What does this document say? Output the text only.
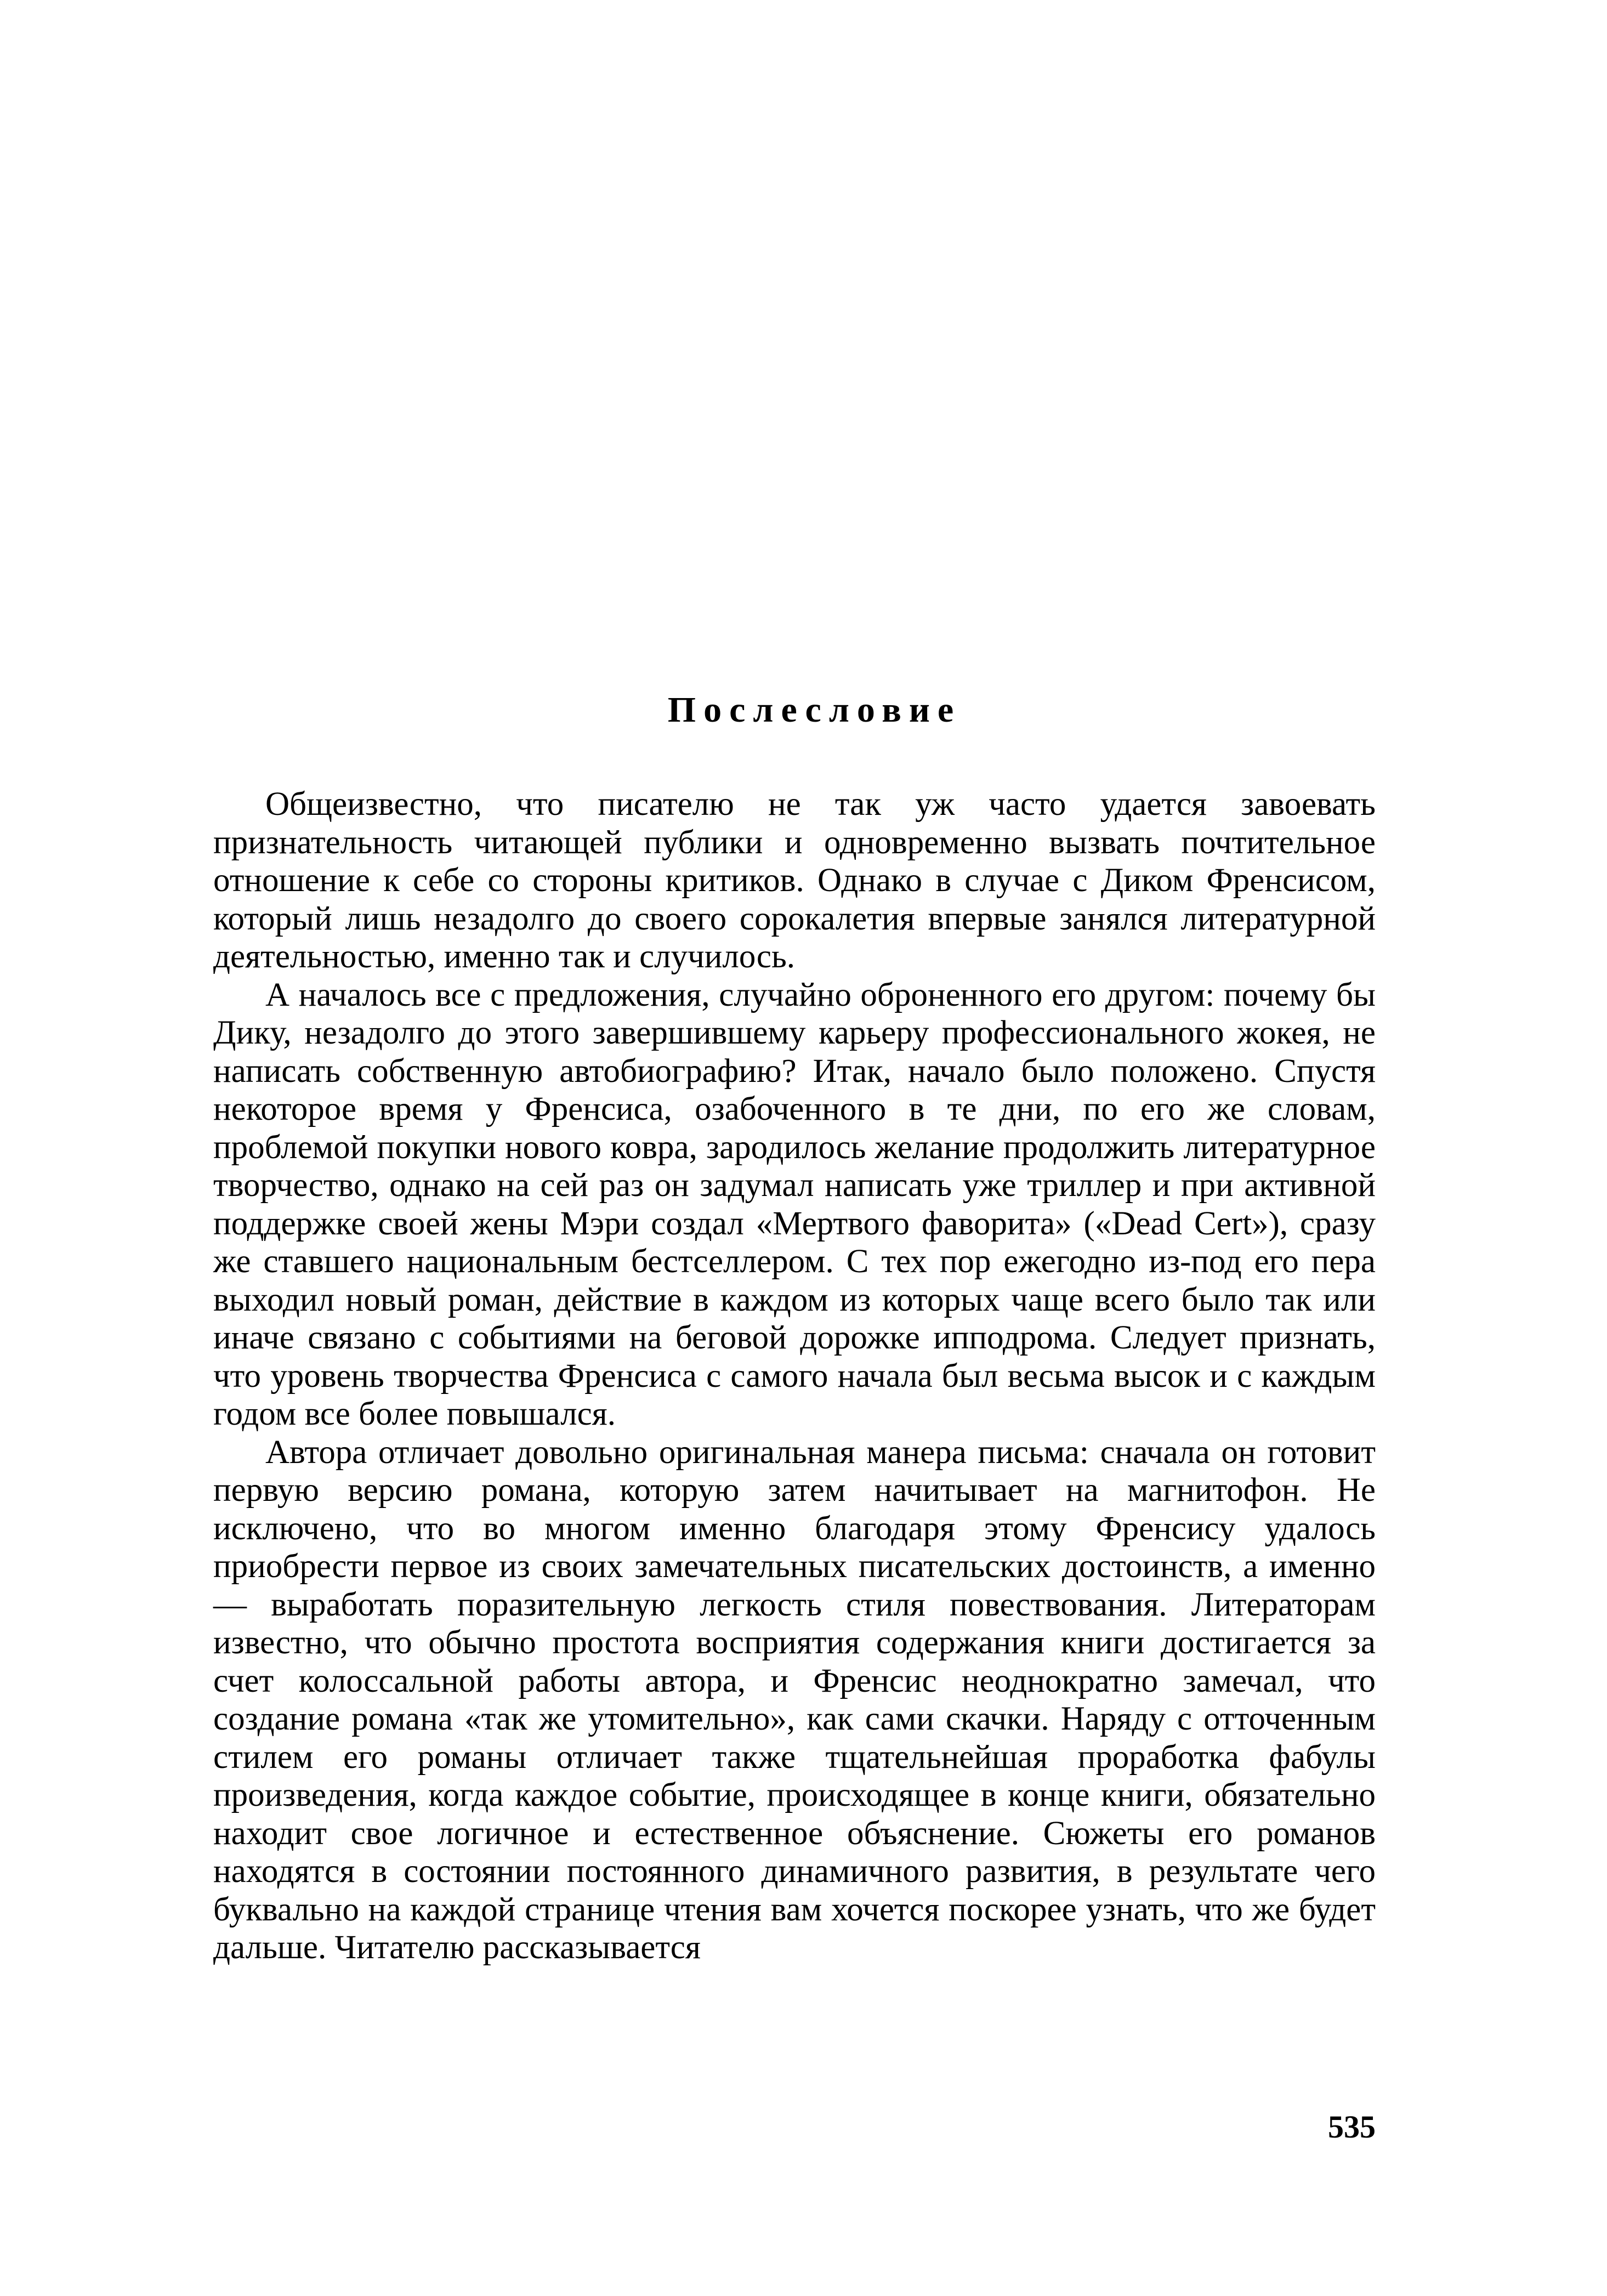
Послесловие

Общеизвестно, что писателю не так уж часто удается завоевать признательность читающей публики и одновременно вызвать почтительное отношение к себе со стороны критиков. Однако в случае с Диком Френсисом, который лишь незадолго до своего сорокалетия впервые занялся литературной деятельностью, именно так и случилось.

А началось все с предложения, случайно оброненного его другом: почему бы Дику, незадолго до этого завершившему карьеру профессионального жокея, не написать собственную автобиографию? Итак, начало было положено. Спустя некоторое время у Френсиса, озабоченного в те дни, по его же словам, проблемой покупки нового ковра, зародилось желание продолжить литературное творчество, однако на сей раз он задумал написать уже триллер и при активной поддержке своей жены Мэри создал «Мертвого фаворита» («Dead Cert»), сразу же ставшего национальным бестселлером. С тех пор ежегодно из-под его пера выходил новый роман, действие в каждом из которых чаще всего было так или иначе связано с событиями на беговой дорожке ипподрома. Следует признать, что уровень творчества Френсиса с самого начала был весьма высок и с каждым годом все более повышался.

Автора отличает довольно оригинальная манера письма: сначала он готовит первую версию романа, которую затем начитывает на магнитофон. Не исключено, что во многом именно благодаря этому Френсису удалось приобрести первое из своих замечательных писательских достоинств, а именно — выработать поразительную легкость стиля повествования. Литераторам известно, что обычно простота восприятия содержания книги достигается за счет колоссальной работы автора, и Френсис неоднократно замечал, что создание романа «так же утомительно», как сами скачки. Наряду с отточенным стилем его романы отличает также тщательнейшая проработка фабулы произведения, когда каждое событие, происходящее в конце книги, обязательно находит свое логичное и естественное объяснение. Сюжеты его романов находятся в состоянии постоянного динамичного развития, в результате чего буквально на каждой странице чтения вам хочется поскорее узнать, что же будет дальше. Читателю рассказывается

535
